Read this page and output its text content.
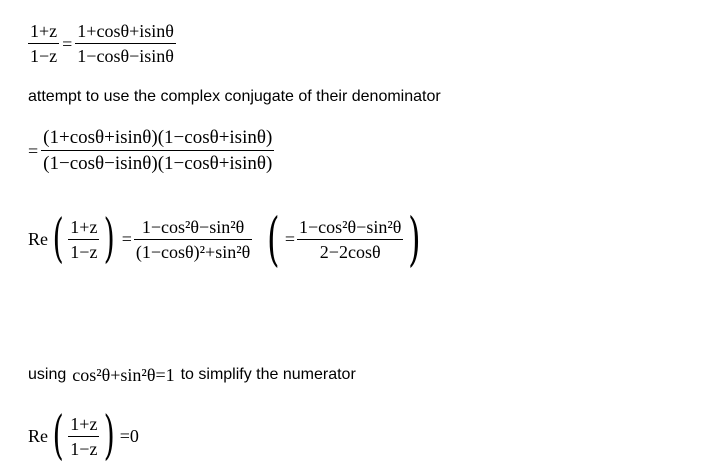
$\frac{1+z}{1-z} = \frac{1+\cos\theta+isin\theta}{1-\cos\theta-isin\theta}$
attempt to use the complex conjugate of their denominator
= $\frac{(1+\cos\theta+isin\theta)(1-\cos\theta+isin\theta)}{(1-\cos\theta-isin\theta)(1-\cos\theta+isin\theta)}$
Re ( $\frac{1+z}{1-z}$ ) = $\frac{\text{1−cos²θ−sin²θ}}{\text{(1−cosθ)²+sin²θ}}$ ( = $\frac{\text{1−cos²θ−sin²θ}}{2-2\cos\theta}$ )
using cos²θ+sin²θ=1 to simplify the numerator
Re ( $\frac{1+z}{1-z}$ ) =0
